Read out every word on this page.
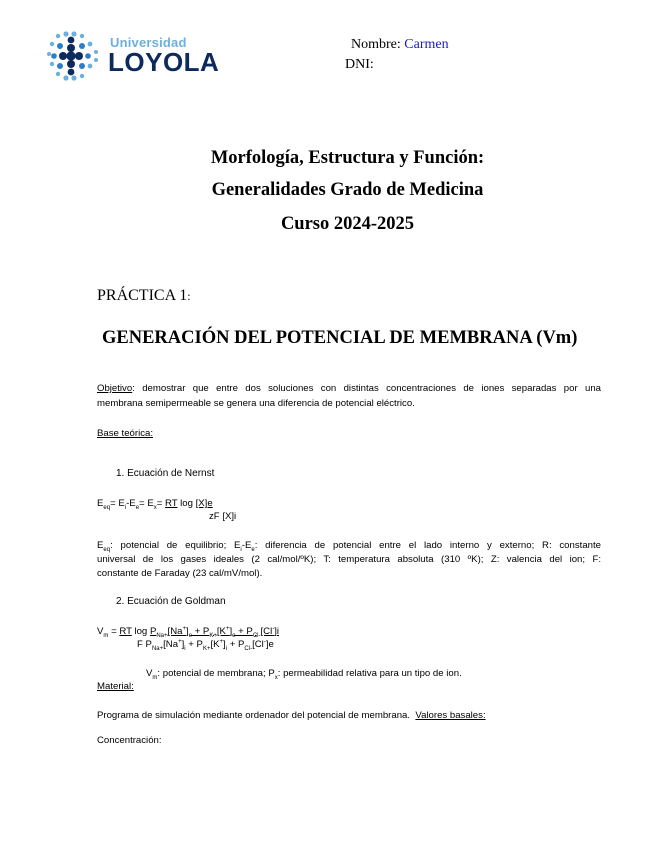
Universidad
LOYOLA
Nombre: Carmen
DNI:
Morfología, Estructura y Función:
Generalidades Grado de Medicina
Curso 2024-2025
PRÁCTICA 1:
GENERACIÓN DEL POTENCIAL DE MEMBRANA (Vm)
Objetivo: demostrar que entre dos soluciones con distintas concentraciones de iones separadas por una
membrana semipermeable se genera una diferencia de potencial eléctrico.
Base teórica:
1. Ecuación de Nernst
$E_{eq}= E_i-E_e= E_x=$ RT log [X]e
zF [X]i
$E_{eq}$: potencial de equilibrio; $E_i-E_e$: diferencia de potencial entre el lado interno y externo; R: constante
universal de los gases ideales (2 cal/mol/ºK); T: temperatura absoluta (310 ºK); Z: valencia del ion; F:
constante de Faraday (23 cal/mV/mol).
2. Ecuación de Goldman
$V_m$ = RT $\log P_{Na+}[Na^+]_e + P_{K+}[K^+]_e + P_{Cl-}[Cl^-]i$
F $P_{Na+}[Na^+]_i + P_{K+}[K^+]_i + P_{Cl-}[Cl^-]e$
$V_m$: potencial de membrana; $P_x$: permeabilidad relativa para un tipo de ion.
Material:
Programa de simulación mediante ordenador del potencial de membrana. Valores basales:
Concentración:
